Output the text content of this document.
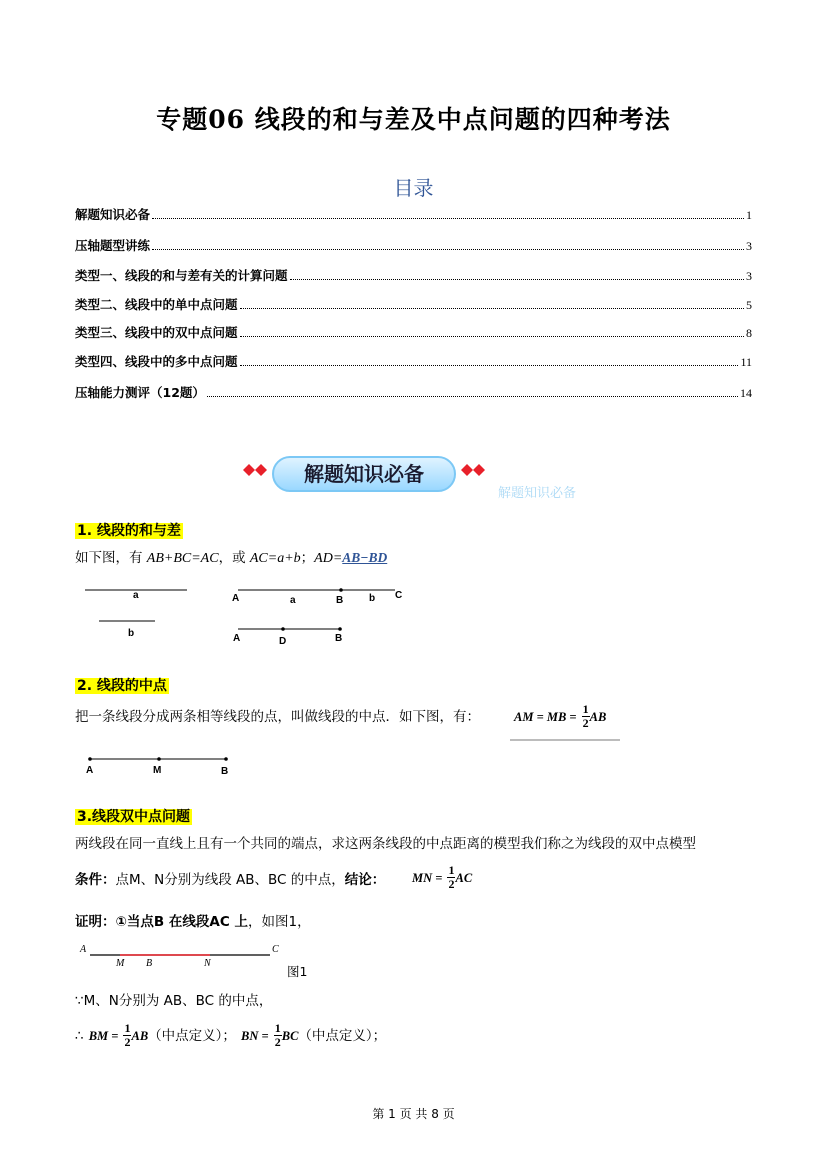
专题06 线段的和与差及中点问题的四种考法
目录
解题知识必备	1
压轴题型讲练	3
类型一、线段的和与差有关的计算问题	3
类型二、线段中的单中点问题	5
类型三、线段中的双中点问题	8
类型四、线段中的多中点问题	11
压轴能力测评（12题）	14
解题知识必备
解题知识必备
1. 线段的和与差
如下图，有 AB+BC=AC，或 AC=a+b；AD=AB−BD
a
b
A	a	B	b C
A	D	B
2. 线段的中点
把一条线段分成两条相等线段的点，叫做线段的中点．如下图，有：	AM = MB = $\frac{1}{2}$ AB
A	M	B
3.线段双中点问题
两线段在同一直线上且有一个共同的端点，求这两条线段的中点距离的模型我们称之为线段的双中点模型
条件：点M、N分别为线段 AB、BC 的中点，结论： MN = $\frac{1}{2}$ AC
证明：①当点B 在线段AC 上，如图1，
A
M B	N
C
图1
∵M、N分别为 AB、BC 的中点，
∴ BM = $\frac{1}{2} AB$（中点定义）； BN = $\frac{1}{2} BC$（中点定义）；
第 1 页 共 8 页
